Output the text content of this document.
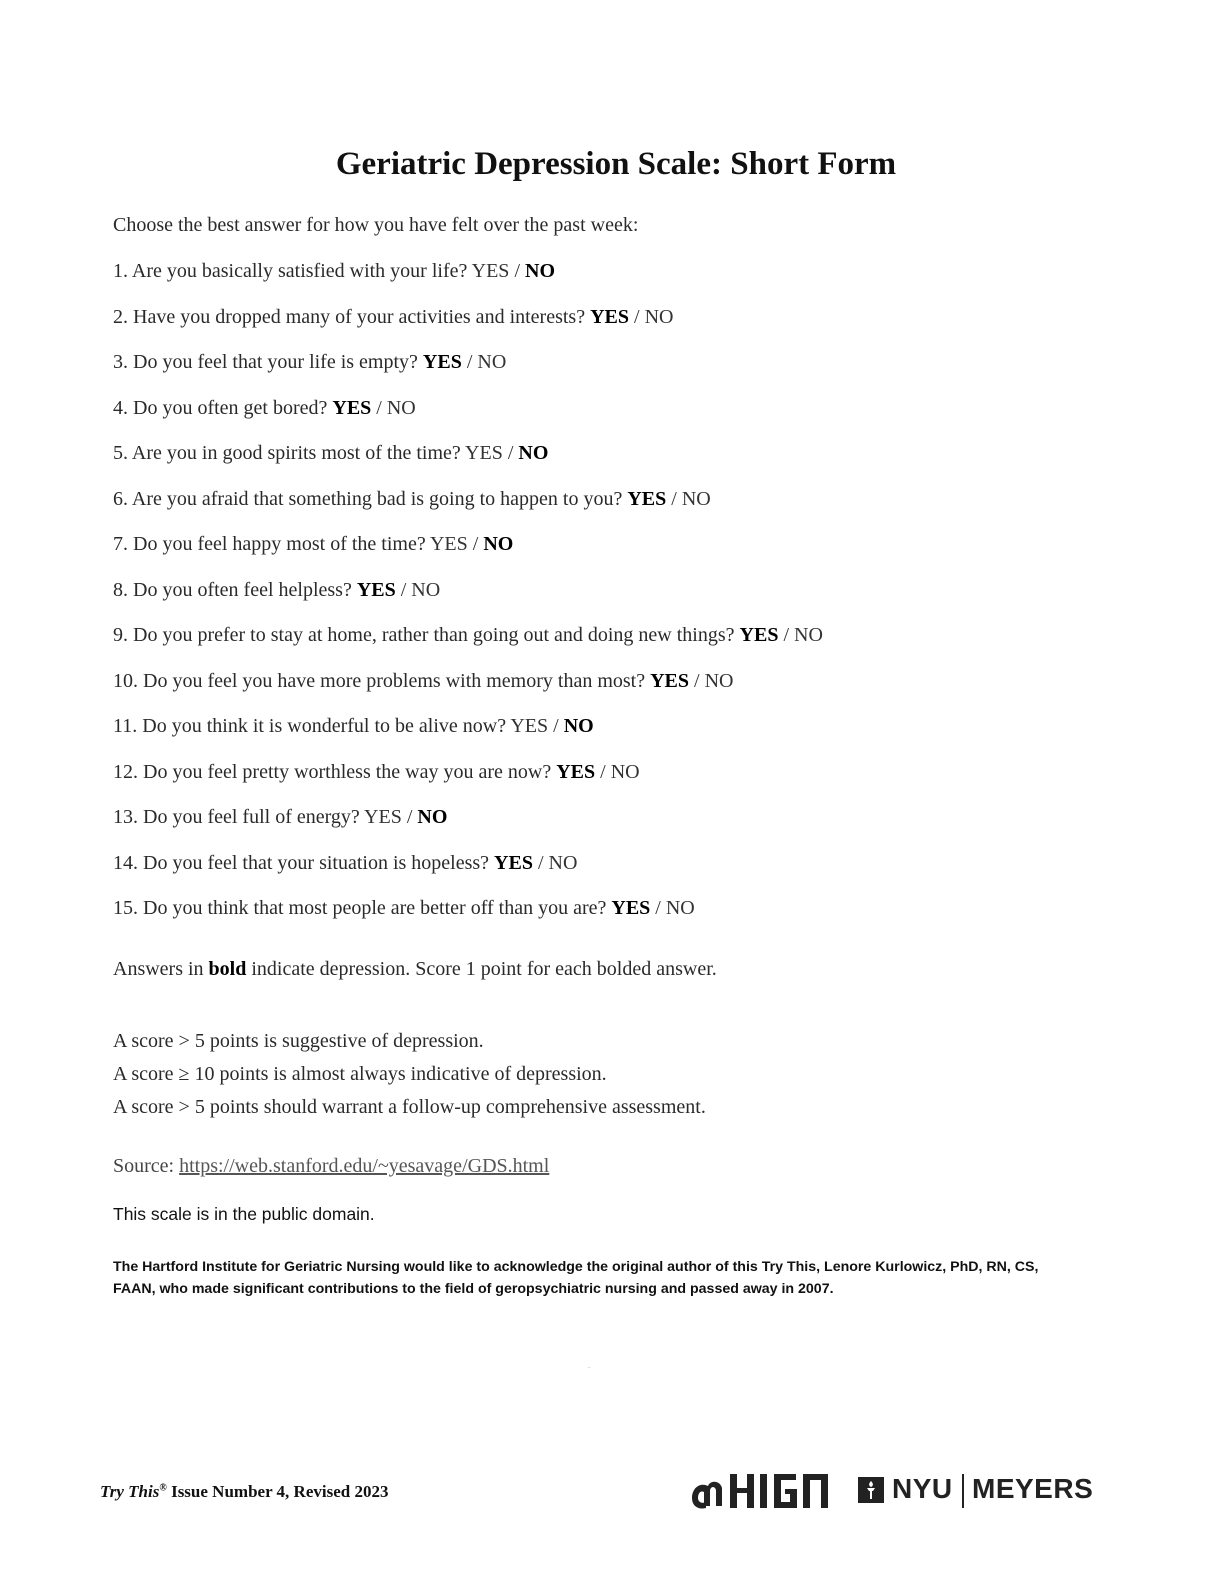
Geriatric Depression Scale: Short Form
Choose the best answer for how you have felt over the past week:
1. Are you basically satisfied with your life? YES / NO
2. Have you dropped many of your activities and interests? YES / NO
3. Do you feel that your life is empty? YES / NO
4. Do you often get bored? YES / NO
5. Are you in good spirits most of the time? YES / NO
6. Are you afraid that something bad is going to happen to you? YES / NO
7. Do you feel happy most of the time? YES / NO
8. Do you often feel helpless? YES / NO
9. Do you prefer to stay at home, rather than going out and doing new things? YES / NO
10. Do you feel you have more problems with memory than most? YES / NO
11. Do you think it is wonderful to be alive now? YES / NO
12. Do you feel pretty worthless the way you are now? YES / NO
13. Do you feel full of energy? YES / NO
14. Do you feel that your situation is hopeless? YES / NO
15. Do you think that most people are better off than you are? YES / NO
Answers in bold indicate depression. Score 1 point for each bolded answer.
A score > 5 points is suggestive of depression.
A score ≥ 10 points is almost always indicative of depression.
A score > 5 points should warrant a follow-up comprehensive assessment.
Source: https://web.stanford.edu/~yesavage/GDS.html
This scale is in the public domain.
The Hartford Institute for Geriatric Nursing would like to acknowledge the original author of this Try This, Lenore Kurlowicz, PhD, RN, CS, FAAN, who made significant contributions to the field of geropsychiatric nursing and passed away in 2007.
Try This® Issue Number 4, Revised 2023
HIGN
NYU MEYERS
